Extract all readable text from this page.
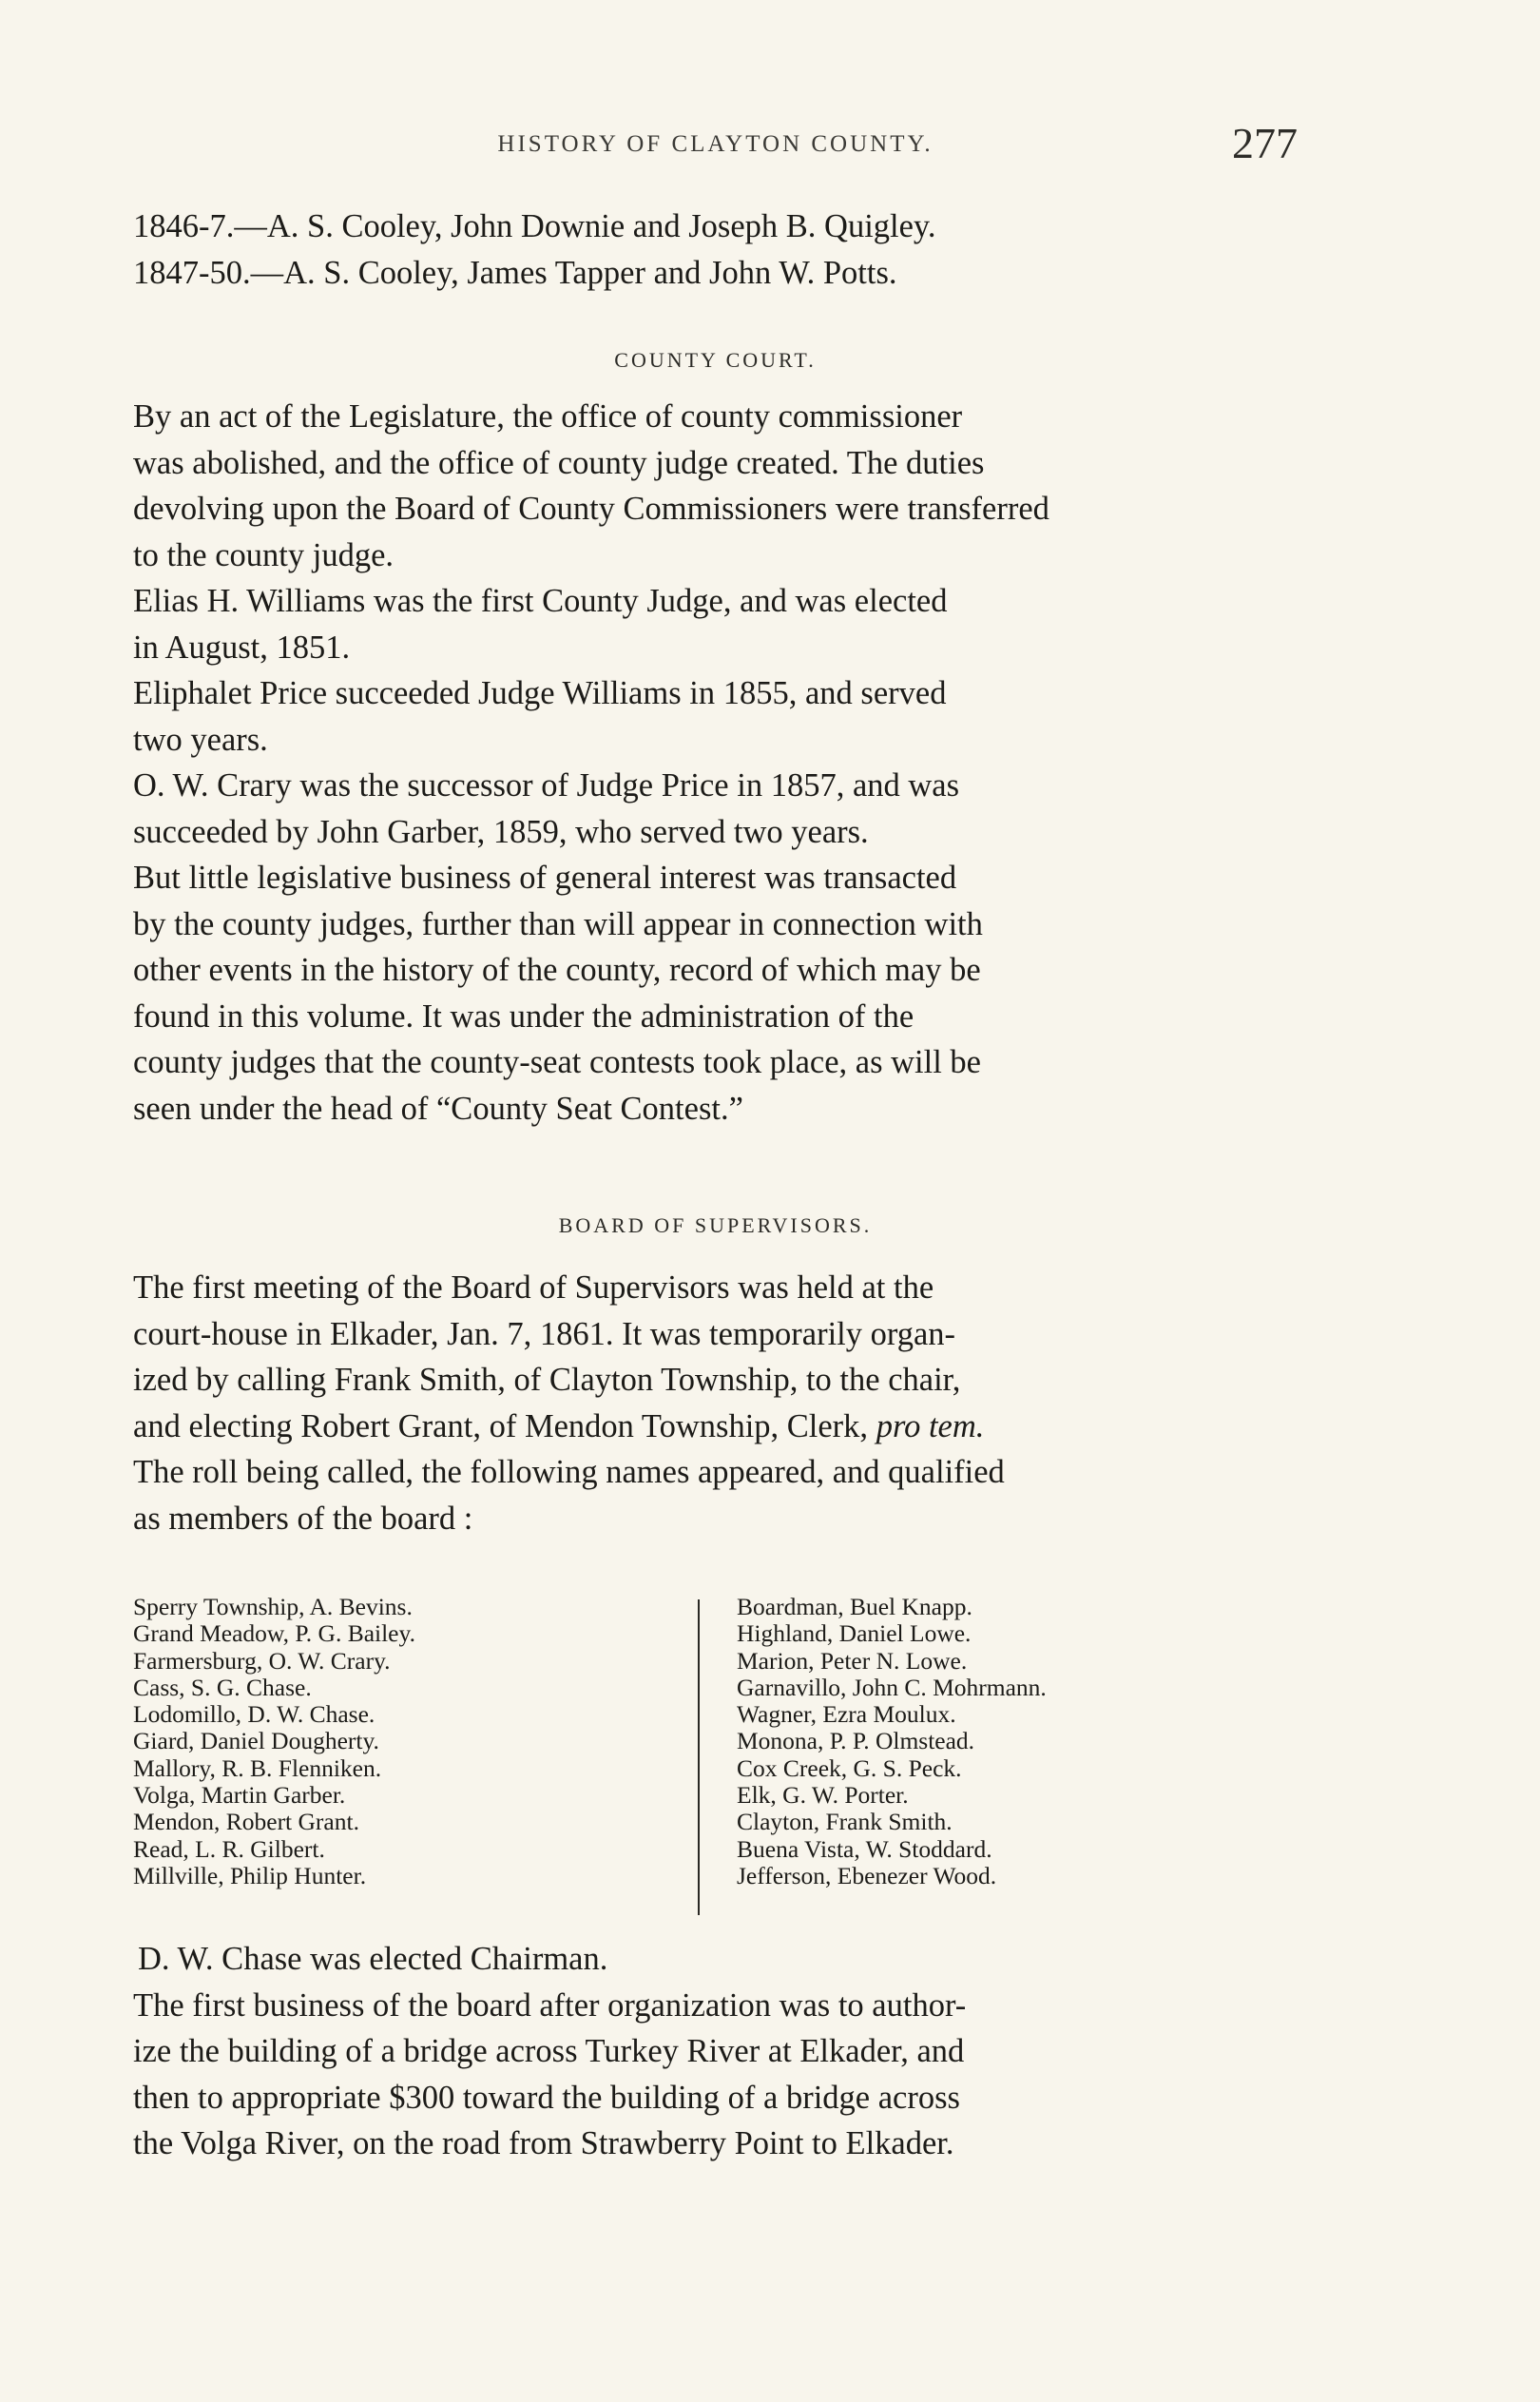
HISTORY OF CLAYTON COUNTY.	277

1846-7.—A. S. Cooley, John Downie and Joseph B. Quigley.
1847-50.—A. S. Cooley, James Tapper and John W. Potts.

COUNTY COURT.

By an act of the Legislature, the office of county commissioner
was abolished, and the office of county judge created. The duties
devolving upon the Board of County Commissioners were transferred
to the county judge.

Elias H. Williams was the first County Judge, and was elected
in August, 1851.

Eliphalet Price succeeded Judge Williams in 1855, and served
two years.

O. W. Crary was the successor of Judge Price in 1857, and was
succeeded by John Garber, 1859, who served two years.

But little legislative business of general interest was transacted
by the county judges, further than will appear in connection with
other events in the history of the county, record of which may be
found in this volume. It was under the administration of the
county judges that the county-seat contests took place, as will be
seen under the head of “County Seat Contest.”

BOARD OF SUPERVISORS.

The first meeting of the Board of Supervisors was held at the
court-house in Elkader, Jan. 7, 1861. It was temporarily organ-
ized by calling Frank Smith, of Clayton Township, to the chair,
and electing Robert Grant, of Mendon Township, Clerk, pro tem.
The roll being called, the following names appeared, and qualified
as members of the board :

Sperry Township, A. Bevins.
Grand Meadow, P. G. Bailey.
Farmersburg, O. W. Crary.
Cass, S. G. Chase.
Lodomillo, D. W. Chase.
Giard, Daniel Dougherty.
Mallory, R. B. Flenniken.
Volga, Martin Garber.
Mendon, Robert Grant.
Read, L. R. Gilbert.
Millville, Philip Hunter.
Boardman, Buel Knapp.
Highland, Daniel Lowe.
Marion, Peter N. Lowe.
Garnavillo, John C. Mohrmann.
Wagner, Ezra Moulux.
Monona, P. P. Olmstead.
Cox Creek, G. S. Peck.
Elk, G. W. Porter.
Clayton, Frank Smith.
Buena Vista, W. Stoddard.
Jefferson, Ebenezer Wood.

D. W. Chase was elected Chairman.

The first business of the board after organization was to author-
ize the building of a bridge across Turkey River at Elkader, and
then to appropriate $300 toward the building of a bridge across
the Volga River, on the road from Strawberry Point to Elkader.
